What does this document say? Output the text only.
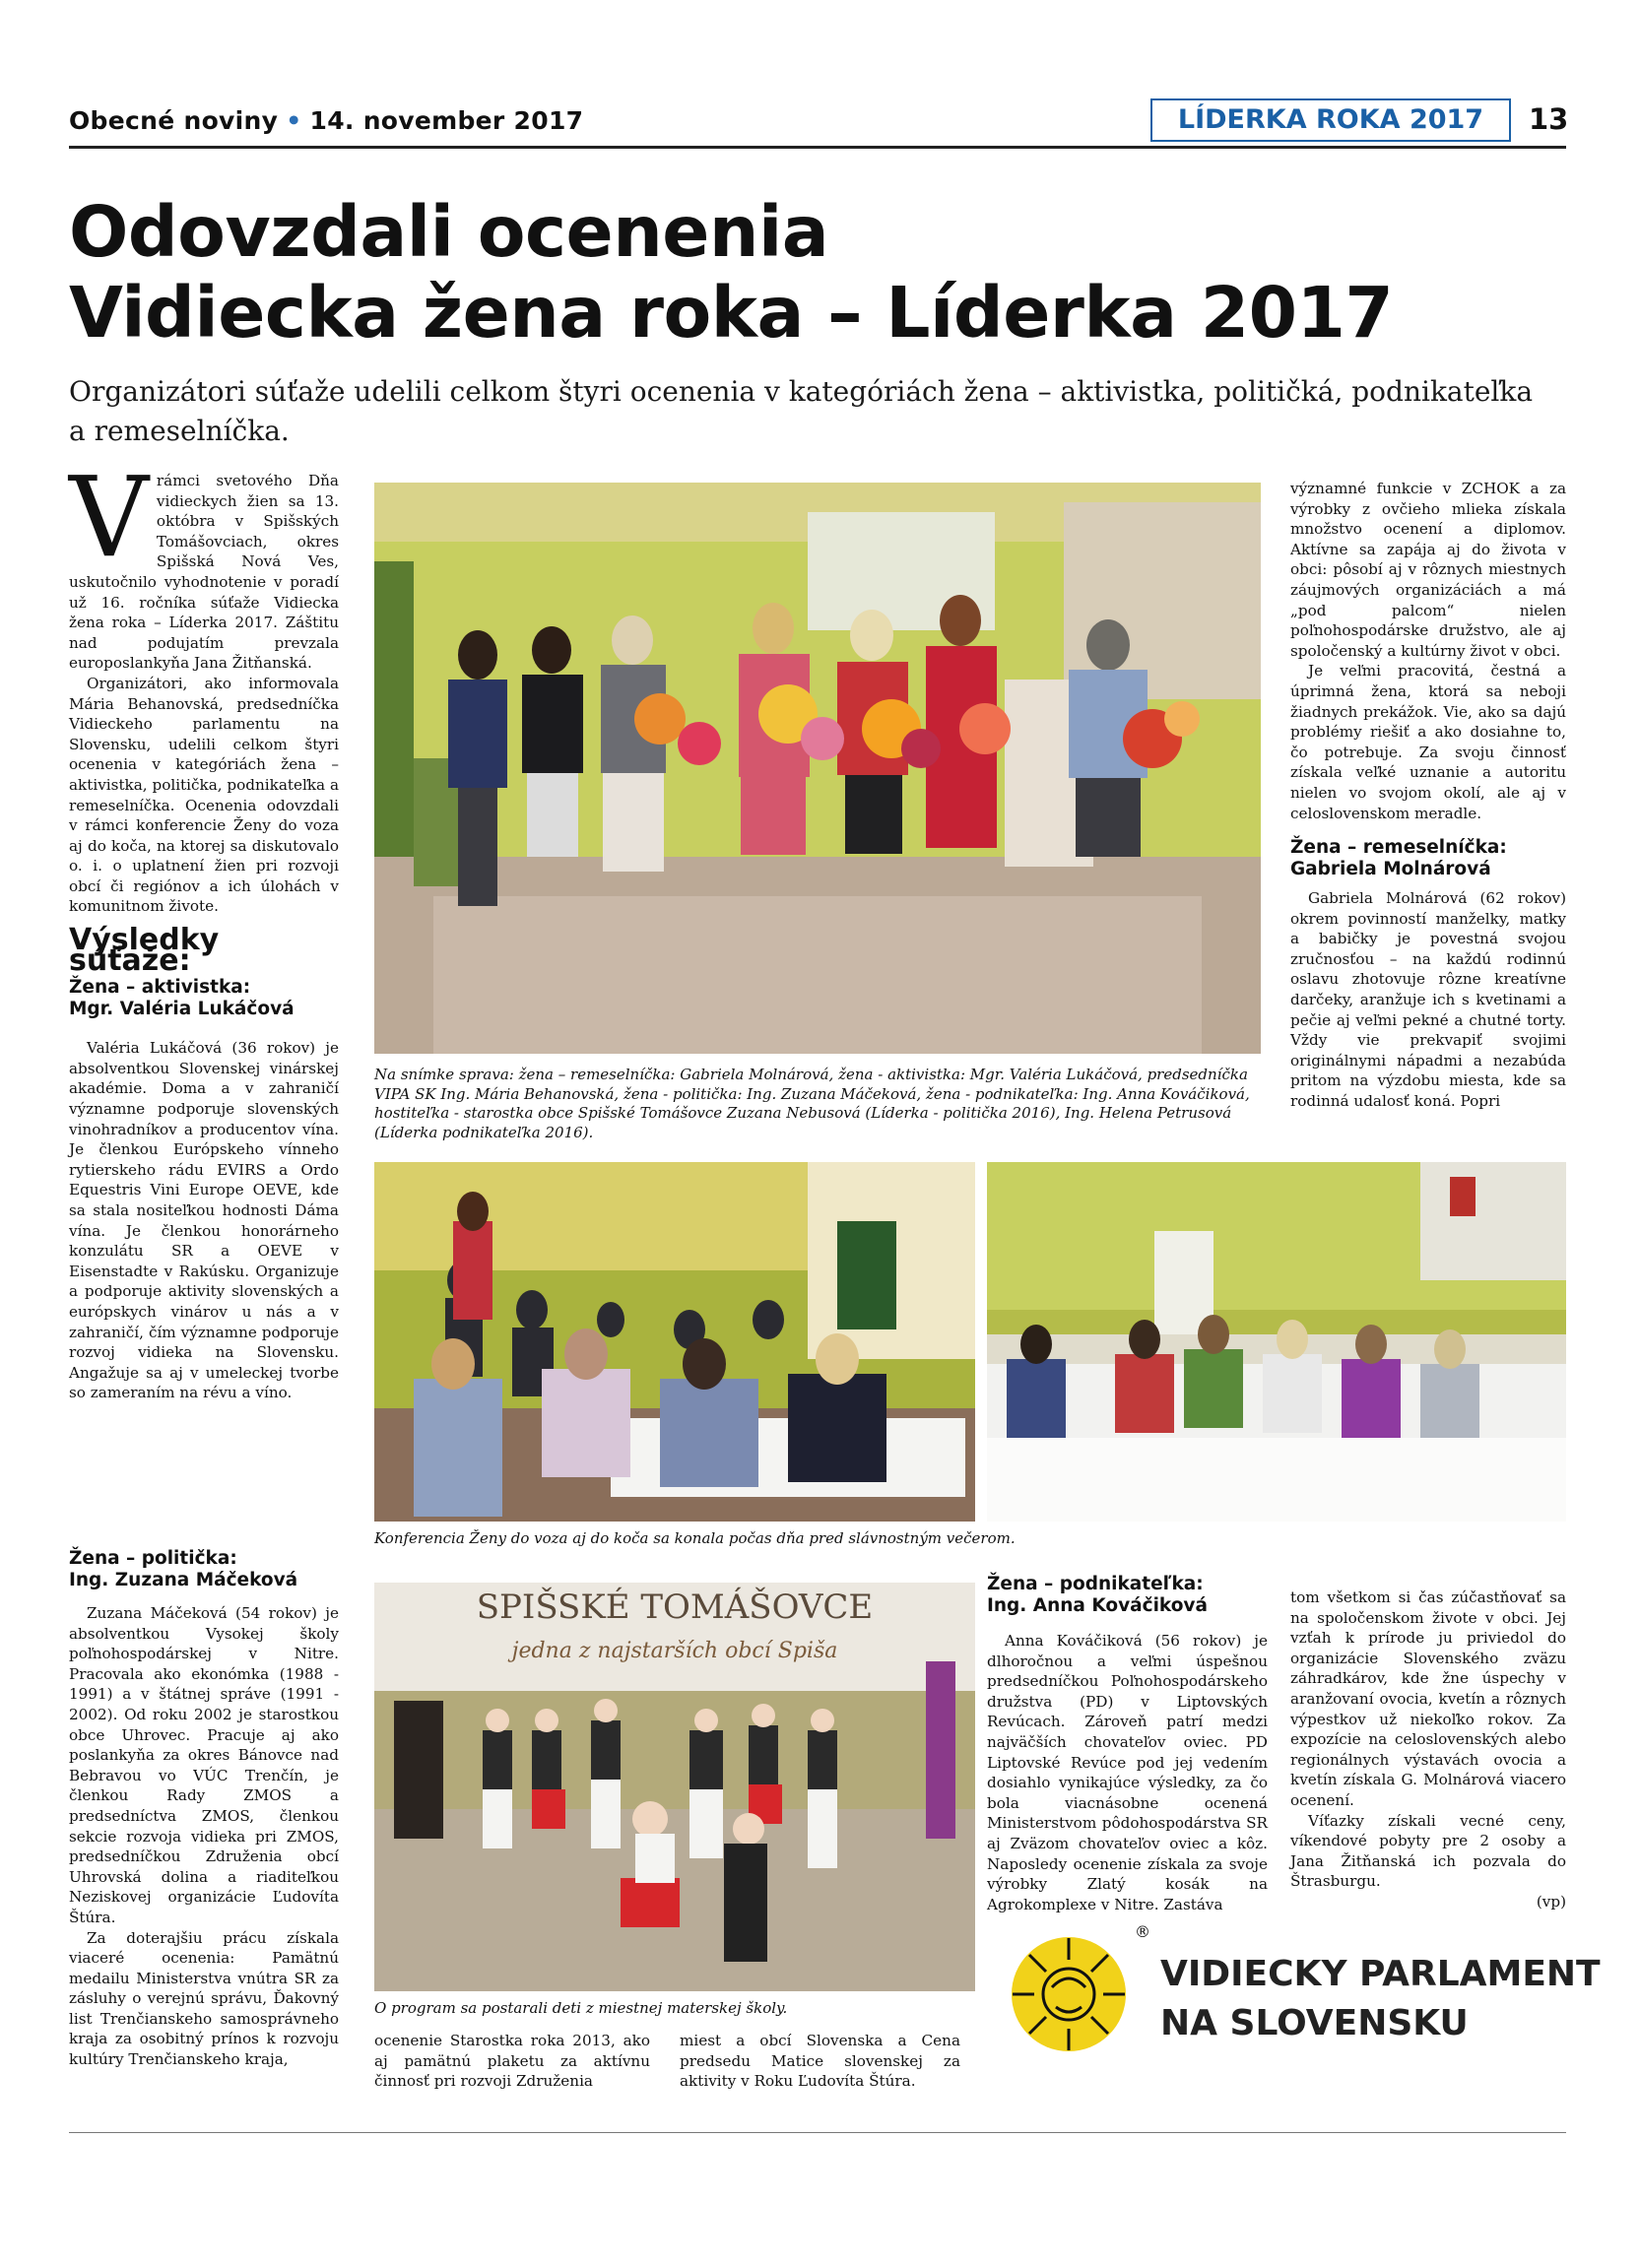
Obecné noviny • 14. november 2017	LÍDERKA ROKA 2017	13
Odovzdali ocenenia
Vidiecka žena roka – Líderka 2017
Organizátori súťaže udelili celkom štyri ocenenia v kategóriách žena – aktivistka, političká, podnikateľka a remeselníčka.

Vrámci svetového Dňa vidieckych žien sa 13. októbra v Spišských Tomášovciach, okres Spišská Nová Ves, uskutočnilo vyhodnotenie v poradí už 16. ročníka súťaže Vidiecka žena roka – Líderka 2017. Záštitu nad podujatím prevzala europoslankyňa Jana Žitňanská.

Organizátori, ako informovala Mária Behanovská, predsedníčka Vidieckeho parlamentu na Slovensku, udelili celkom štyri ocenenia v kategóriách žena – aktivistka, politička, podnikateľka a remeselníčka. Ocenenia odovzdali v rámci konferencie Ženy do voza aj do koča, na ktorej sa diskutovalo o. i. o uplatnení žien pri rozvoji obcí či regiónov a ich úlohách v komunitnom živote.

Výsledky súťaže:
Žena – aktivistka:
Mgr. Valéria Lukáčová

Valéria Lukáčová (36 rokov) je absolventkou Slovenskej vinárskej akadémie. Doma a v zahraničí významne podporuje slovenských vinohradníkov a producentov vína. Je členkou Európskeho vínneho rytierskeho rádu EVIRS a Ordo Equestris Vini Europe OEVE, kde sa stala nositeľkou hodnosti Dáma vína. Je členkou honorárneho konzulátu SR a OEVE v Eisenstadte v Rakúsku. Organizuje a podporuje aktivity slovenských a európskych vinárov u nás a v zahraničí, čím významne podporuje rozvoj vidieka na Slovensku. Angažuje sa aj v umeleckej tvorbe so zameraním na révu a víno.

Žena – politička:
Ing. Zuzana Máčeková

Zuzana Máčeková (54 rokov) je absolventkou Vysokej školy poľnohospodárskej v Nitre. Pracovala ako ekonómka (1988 - 1991) a v štátnej správe (1991 - 2002). Od roku 2002 je starostkou obce Uhrovec. Pracuje aj ako poslankyňa za okres Bánovce nad Bebravou vo VÚC Trenčín, je členkou Rady ZMOS a predsedníctva ZMOS, členkou sekcie rozvoja vidieka pri ZMOS, predsedníčkou Združenia obcí Uhrovská dolina a riaditeľkou Neziskovej organizácie Ľudovíta Štúra.

Za doterajšiu prácu získala viaceré ocenenia: Pamätnú medailu Ministerstva vnútra SR za zásluhy o verejnú správu, Ďakovný list Trenčianskeho samosprávneho kraja za osobitný prínos k rozvoju kultúry Trenčianskeho kraja,

Na snímke sprava: žena – remeselníčka: Gabriela Molnárová, žena - aktivistka: Mgr. Valéria Lukáčová, predsedníčka VIPA SK Ing. Mária Behanovská, žena - politička: Ing. Zuzana Máčeková, žena - podnikateľka: Ing. Anna Kováčiková, hostiteľka - starostka obce Spišské Tomášovce Zuzana Nebusová (Líderka - politička 2016), Ing. Helena Petrusová (Líderka podnikateľka 2016).

významné funkcie v ZCHOK a za výrobky z ovčieho mlieka získala množstvo ocenení a diplomov. Aktívne sa zapája aj do života v obci: pôsobí aj v rôznych miestnych záujmových organizáciách a má „pod palcom“ nielen poľnohospodárske družstvo, ale aj spoločenský a kultúrny život v obci.

Je veľmi pracovitá, čestná a úprimná žena, ktorá sa neboji žiadnych prekážok. Vie, ako sa dajú problémy riešiť a ako dosiahne to, čo potrebuje. Za svoju činnosť získala veľké uznanie a autoritu nielen vo svojom okolí, ale aj v celoslovenskom meradle.

Žena – remeselníčka:
Gabriela Molnárová

Gabriela Molnárová (62 rokov) okrem povinností manželky, matky a babičky je povestná svojou zručnosťou – na každú rodinnú oslavu zhotovuje rôzne kreatívne darčeky, aranžuje ich s kvetinami a pečie aj veľmi pekné a chutné torty. Vždy vie prekvapiť svojimi originálnymi nápadmi a nezabúda pritom na výzdobu miesta, kde sa rodinná udalosť koná. Popri

Konferencia Ženy do voza aj do koča sa konala počas dňa pred slávnostným večerom.
SPIŠSKÉ TOMÁŠOVCE
jedna z najstarších obcí Spiša
O program sa postarali deti z miestnej materskej školy.

ocenenie Starostka roka 2013, ako aj pamätnú plaketu za aktívnu činnosť pri rozvoji Združenia

miest a obcí Slovenska a Cena predsedu Matice slovenskej za aktivity v Roku Ľudovíta Štúra.

Žena – podnikateľka:
Ing. Anna Kováčiková

Anna Kováčiková (56 rokov) je dlhoročnou a veľmi úspešnou predsedníčkou Poľnohospodárskeho družstva (PD) v Liptovských Revúcach. Zároveň patrí medzi najväčších chovateľov oviec. PD Liptovské Revúce pod jej vedením dosiahlo vynikajúce výsledky, za čo bola viacnásobne ocenená Ministerstvom pôdohospodárstva SR aj Zväzom chovateľov oviec a kôz. Naposledy ocenenie získala za svoje výrobky Zlatý kosák na Agrokomplexe v Nitre. Zastáva

tom všetkom si čas zúčastňovať sa na spoločenskom živote v obci. Jej vzťah k prírode ju priviedol do organizácie Slovenského zväzu záhradkárov, kde žne úspechy v aranžovaní ovocia, kvetín a rôznych výpestkov už niekoľko rokov. Za expozície na celoslovenských alebo regionálnych výstavách ovocia a kvetín získala G. Molnárová viacero ocenení.

Víťazky získali vecné ceny, víkendové pobyty pre 2 osoby a Jana Žitňanská ich pozvala do Štrasburgu.

(vp)

®
VIDIECKY PARLAMENT
NA SLOVENSKU
